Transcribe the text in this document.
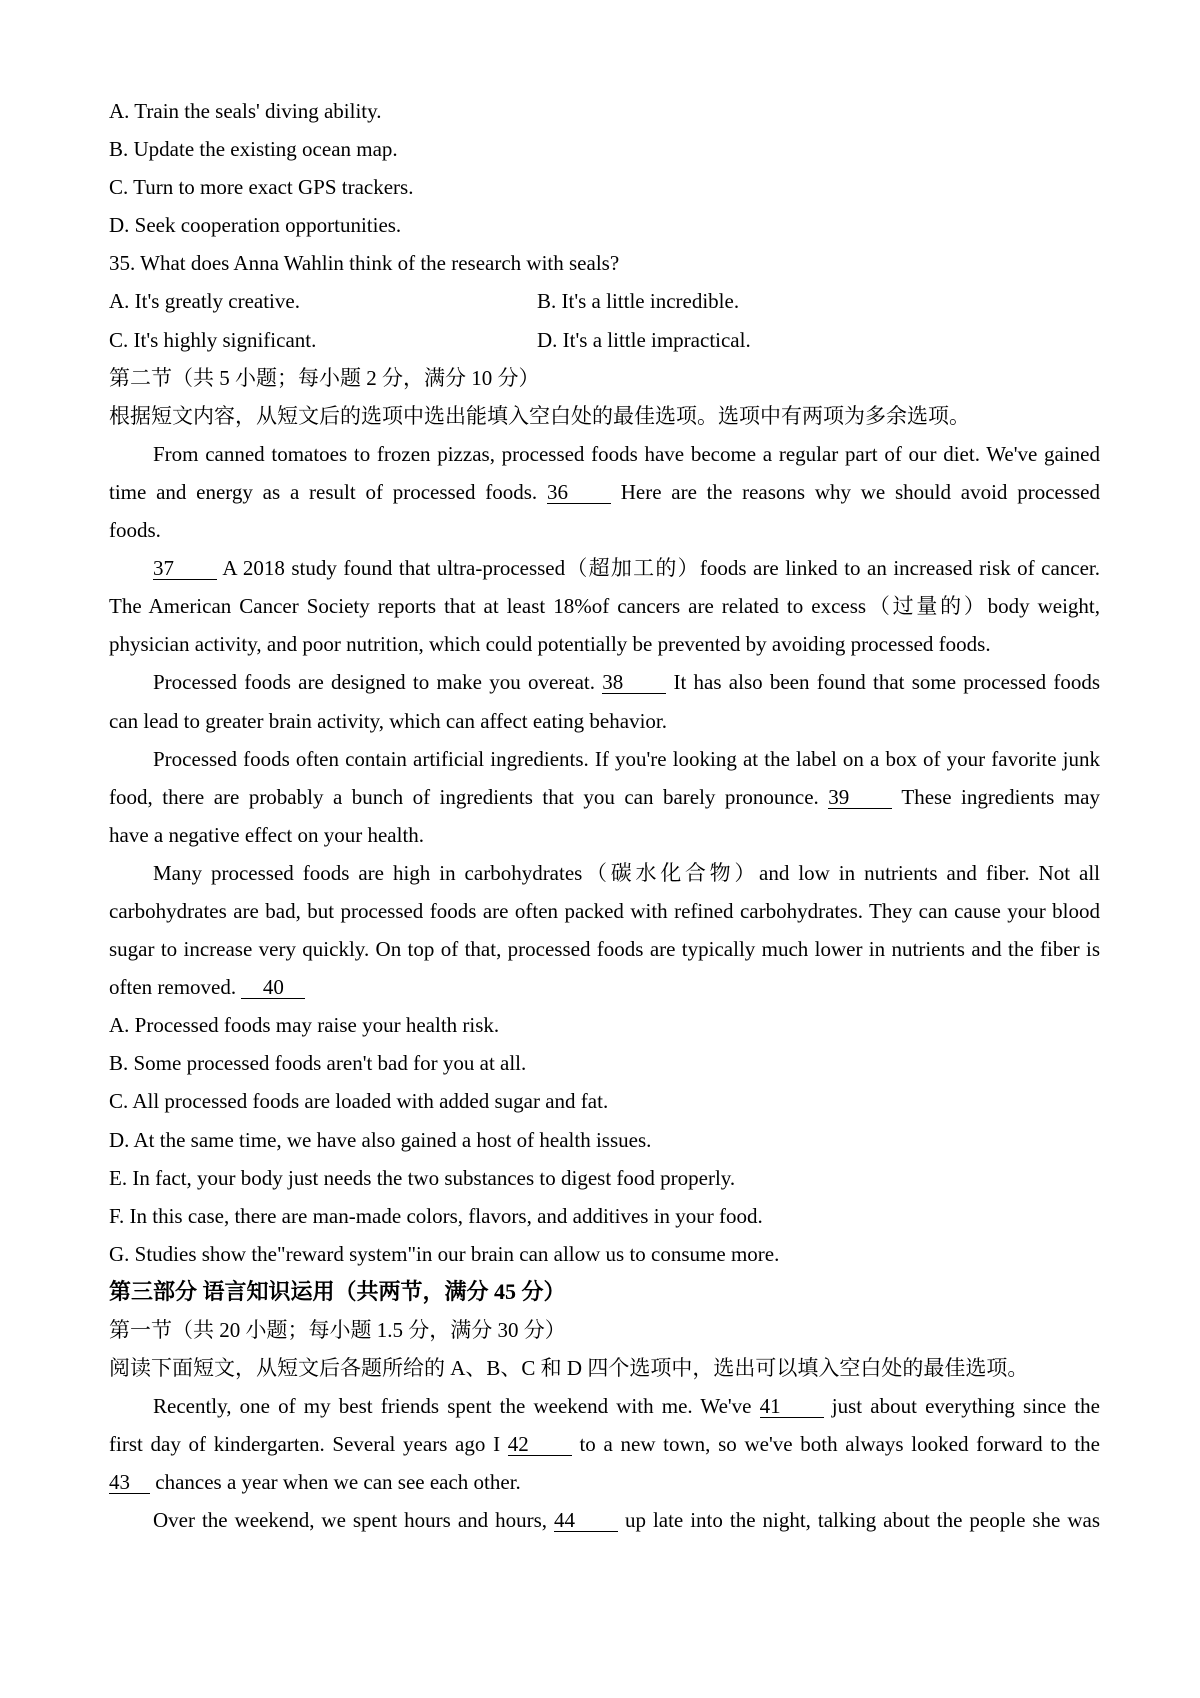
A. Train the seals' diving ability.
B. Update the existing ocean map.
C. Turn to more exact GPS trackers.
D. Seek cooperation opportunities.
35. What does Anna Wahlin think of the research with seals?
A. It's greatly creative.	B. It's a little incredible.
C. It's highly significant.	D. It's a little impractical.
第二节（共 5 小题；每小题 2 分，满分 10 分）
根据短文内容，从短文后的选项中选出能填入空白处的最佳选项。选项中有两项为多余选项。
From canned tomatoes to frozen pizzas, processed foods have become a regular part of our diet. We've gained
time and energy as a result of processed foods. 36 Here are the reasons why we should avoid processed
foods.
37 A 2018 study found that ultra-processed（超加工的）foods are linked to an increased risk of cancer.
The American Cancer Society reports that at least 18%of cancers are related to excess（过量的）body weight,
physician activity, and poor nutrition, which could potentially be prevented by avoiding processed foods.
Processed foods are designed to make you overeat. 38 It has also been found that some processed foods
can lead to greater brain activity, which can affect eating behavior.
Processed foods often contain artificial ingredients. If you're looking at the label on a box of your favorite junk
food, there are probably a bunch of ingredients that you can barely pronounce. 39 These ingredients may
have a negative effect on your health.
Many processed foods are high in carbohydrates（碳水化合物）and low in nutrients and fiber. Not all
carbohydrates are bad, but processed foods are often packed with refined carbohydrates. They can cause your blood
sugar to increase very quickly. On top of that, processed foods are typically much lower in nutrients and the fiber is
often removed. 40
A. Processed foods may raise your health risk.
B. Some processed foods aren't bad for you at all.
C. All processed foods are loaded with added sugar and fat.
D. At the same time, we have also gained a host of health issues.
E. In fact, your body just needs the two substances to digest food properly.
F. In this case, there are man-made colors, flavors, and additives in your food.
G. Studies show the"reward system"in our brain can allow us to consume more.
第三部分 语言知识运用（共两节，满分 45 分）
第一节（共 20 小题；每小题 1.5 分，满分 30 分）
阅读下面短文，从短文后各题所给的 A、B、C 和 D 四个选项中，选出可以填入空白处的最佳选项。
Recently, one of my best friends spent the weekend with me. We've 41 just about everything since the
first day of kindergarten. Several years ago I 42 to a new town, so we've both always looked forward to the
43 chances a year when we can see each other.
Over the weekend, we spent hours and hours, 44 up late into the night, talking about the people she was
